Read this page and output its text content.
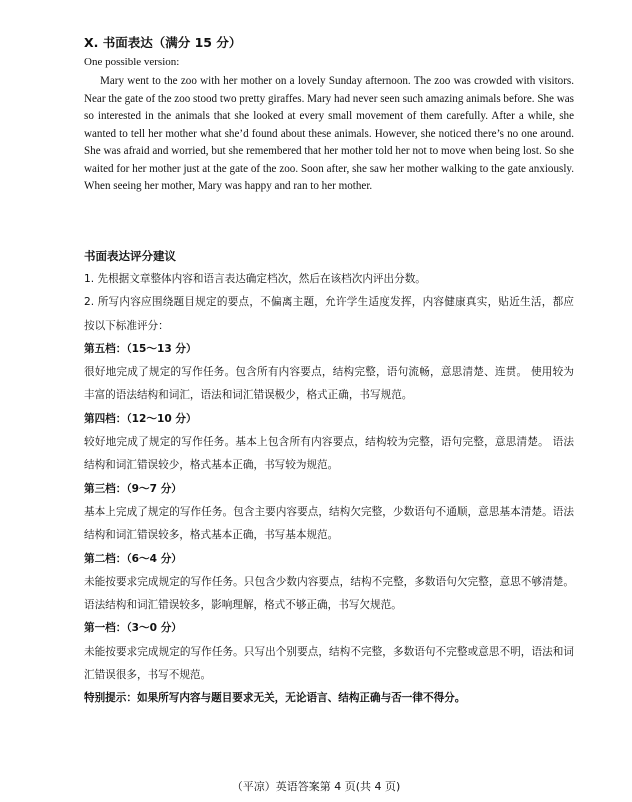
X. 书面表达（满分 15 分）
One possible version:

Mary went to the zoo with her mother on a lovely Sunday afternoon. The zoo was crowded with visitors. Near the gate of the zoo stood two pretty giraffes. Mary had never seen such amazing animals before. She was so interested in the animals that she looked at every small movement of them carefully. After a while, she wanted to tell her mother what she’d found about these animals. However, she noticed there’s no one around. She was afraid and worried, but she remembered that her mother told her not to move when being lost. So she waited for her mother just at the gate of the zoo. Soon after, she saw her mother walking to the gate anxiously. When seeing her mother, Mary was happy and ran to her mother.

书面表达评分建议

1. 先根据文章整体内容和语言表达确定档次，然后在该档次内评出分数。

2. 所写内容应围绕题目规定的要点，不偏离主题，允许学生适度发挥，内容健康真实，贴近生活，都应按以下标准评分：

第五档：（15～13 分）

很好地完成了规定的写作任务。包含所有内容要点，结构完整，语句流畅，意思清楚、连贯。 使用较为丰富的语法结构和词汇，语法和词汇错误极少，格式正确，书写规范。

第四档：（12～10 分）

较好地完成了规定的写作任务。基本上包含所有内容要点，结构较为完整，语句完整，意思清楚。 语法结构和词汇错误较少，格式基本正确，书写较为规范。

第三档：（9～7 分）

基本上完成了规定的写作任务。包含主要内容要点，结构欠完整，少数语句不通顺，意思基本清楚。语法结构和词汇错误较多，格式基本正确，书写基本规范。

第二档：（6～4 分）

未能按要求完成规定的写作任务。只包含少数内容要点，结构不完整，多数语句欠完整，意思不够清楚。语法结构和词汇错误较多，影响理解，格式不够正确，书写欠规范。

第一档：（3～0 分）

未能按要求完成规定的写作任务。只写出个别要点，结构不完整，多数语句不完整或意思不明，语法和词汇错误很多，书写不规范。

特别提示：如果所写内容与题目要求无关，无论语言、结构正确与否一律不得分。

（平凉）英语答案第 4 页(共 4 页)
